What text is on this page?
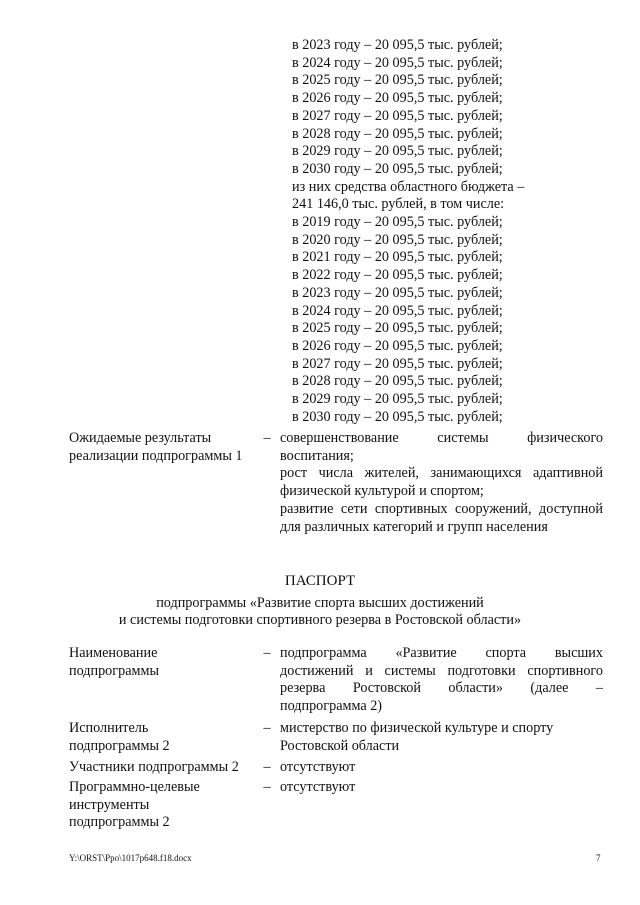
в 2023 году – 20 095,5 тыс. рублей;
в 2024 году – 20 095,5 тыс. рублей;
в 2025 году – 20 095,5 тыс. рублей;
в 2026 году – 20 095,5 тыс. рублей;
в 2027 году – 20 095,5 тыс. рублей;
в 2028 году – 20 095,5 тыс. рублей;
в 2029 году – 20 095,5 тыс. рублей;
в 2030 году – 20 095,5 тыс. рублей;
из них средства областного бюджета –
241 146,0 тыс. рублей, в том числе:
в 2019 году – 20 095,5 тыс. рублей;
в 2020 году – 20 095,5 тыс. рублей;
в 2021 году – 20 095,5 тыс. рублей;
в 2022 году – 20 095,5 тыс. рублей;
в 2023 году – 20 095,5 тыс. рублей;
в 2024 году – 20 095,5 тыс. рублей;
в 2025 году – 20 095,5 тыс. рублей;
в 2026 году – 20 095,5 тыс. рублей;
в 2027 году – 20 095,5 тыс. рублей;
в 2028 году – 20 095,5 тыс. рублей;
в 2029 году – 20 095,5 тыс. рублей;
в 2030 году – 20 095,5 тыс. рублей;
Ожидаемые результаты
реализации подпрограммы 1
– совершенствование системы физического воспитания;

рост числа жителей, занимающихся адаптивной физической культурой и спортом;

развитие сети спортивных сооружений, доступной для различных категорий и групп населения

ПАСПОРТ
подпрограммы «Развитие спорта высших достижений
и системы подготовки спортивного резерва в Ростовской области»
Наименование
подпрограммы
– подпрограмма «Развитие спорта высших

достижений и системы подготовки спортивного

резерва Ростовской области» (далее –

подпрограмма 2)

Исполнитель
подпрограммы 2
– мистерство по физической культуре и спорту

Ростовской области

Участники подпрограммы 2	– отсутствуют

Программно-целевые
инструменты
подпрограммы 2
– отсутствуют

Y:\ORST\Ppo\1017p648.f18.docx	7
